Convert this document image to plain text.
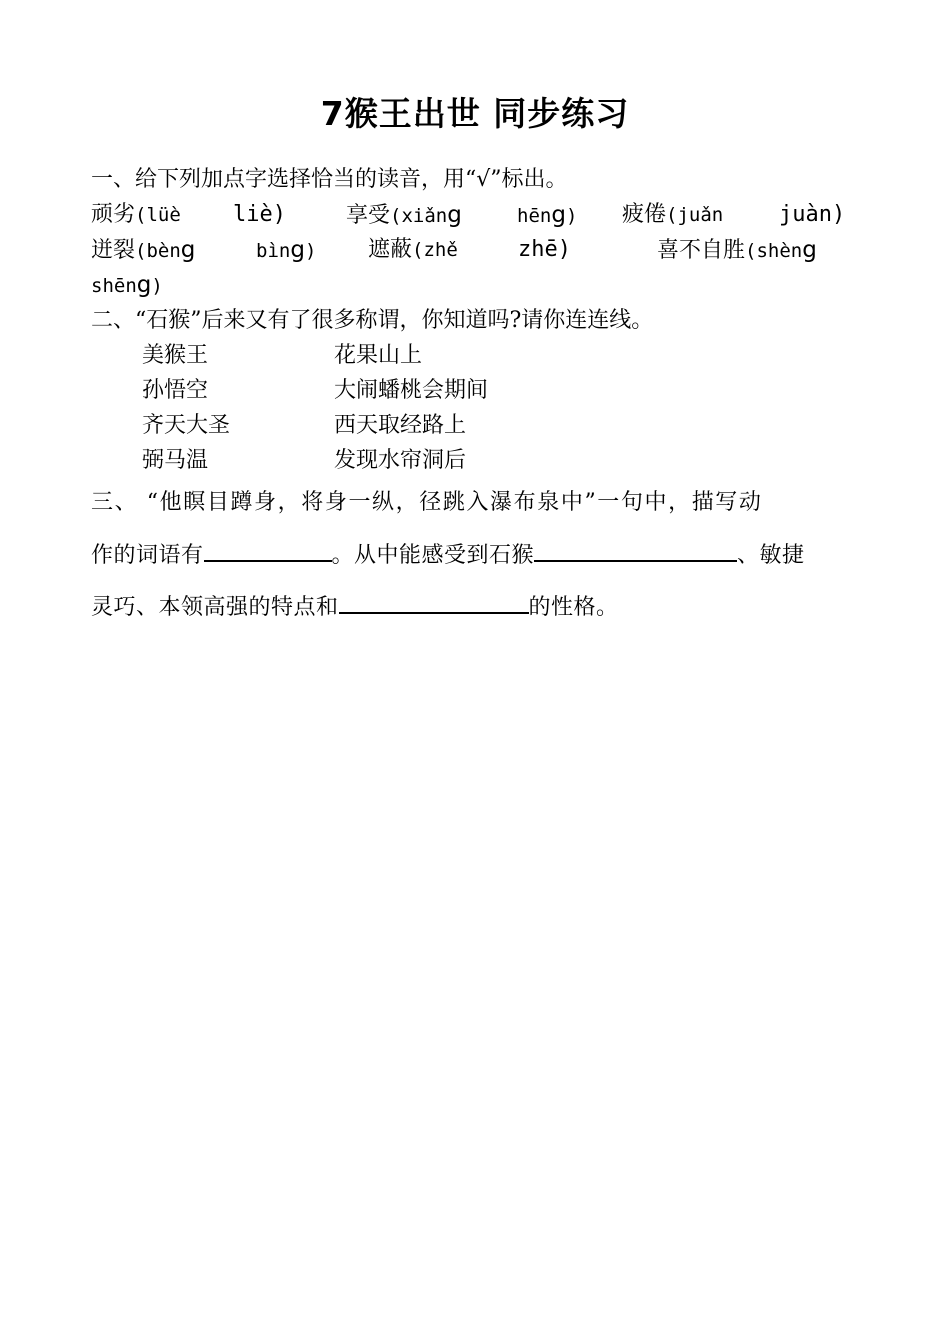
7猴王出世 同步练习
一、给下列加点字选择恰当的读音，用“√”标出。
顽劣(lüè liè)	享受(xiǎng	hēng) 疲倦(juǎn	juàn)
迸裂(bèng	bìng) 遮蔽(zhě	zhē)	喜不自胜(shèng
shēng)
二、“石猴”后来又有了很多称谓，你知道吗?请你连连线。
美猴王	花果山上
孙悟空	大闹蟠桃会期间
齐天大圣	西天取经路上
弼马温	发现水帘洞后
三、 “他瞑目蹲身，将身一纵，径跳入瀑布泉中”一句中，描写动
作的词语有	。从中能感受到石猴	、敏捷
灵巧、本领高强的特点和	的性格。
